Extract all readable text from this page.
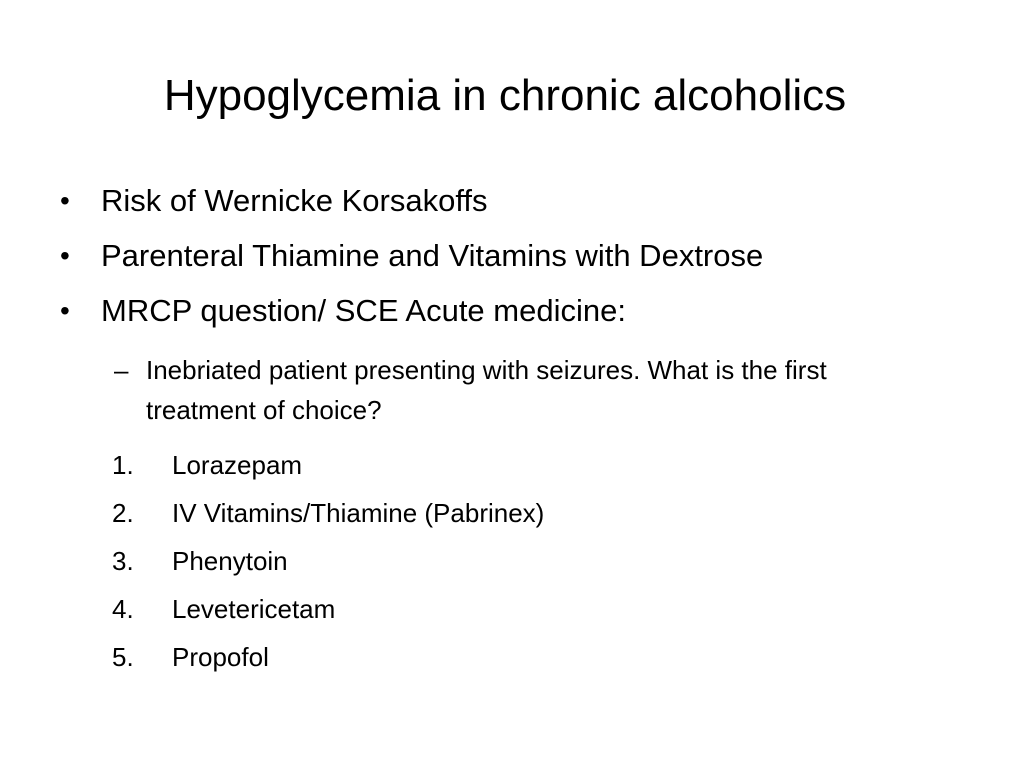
Hypoglycemia in chronic alcoholics
• Risk of Wernicke Korsakoffs
• Parenteral Thiamine and Vitamins with Dextrose
• MRCP question/ SCE Acute medicine:
– Inebriated patient presenting with seizures. What is the first treatment of choice?
1. Lorazepam
2. IV Vitamins/Thiamine (Pabrinex)
3. Phenytoin
4. Levetericetam
5. Propofol
